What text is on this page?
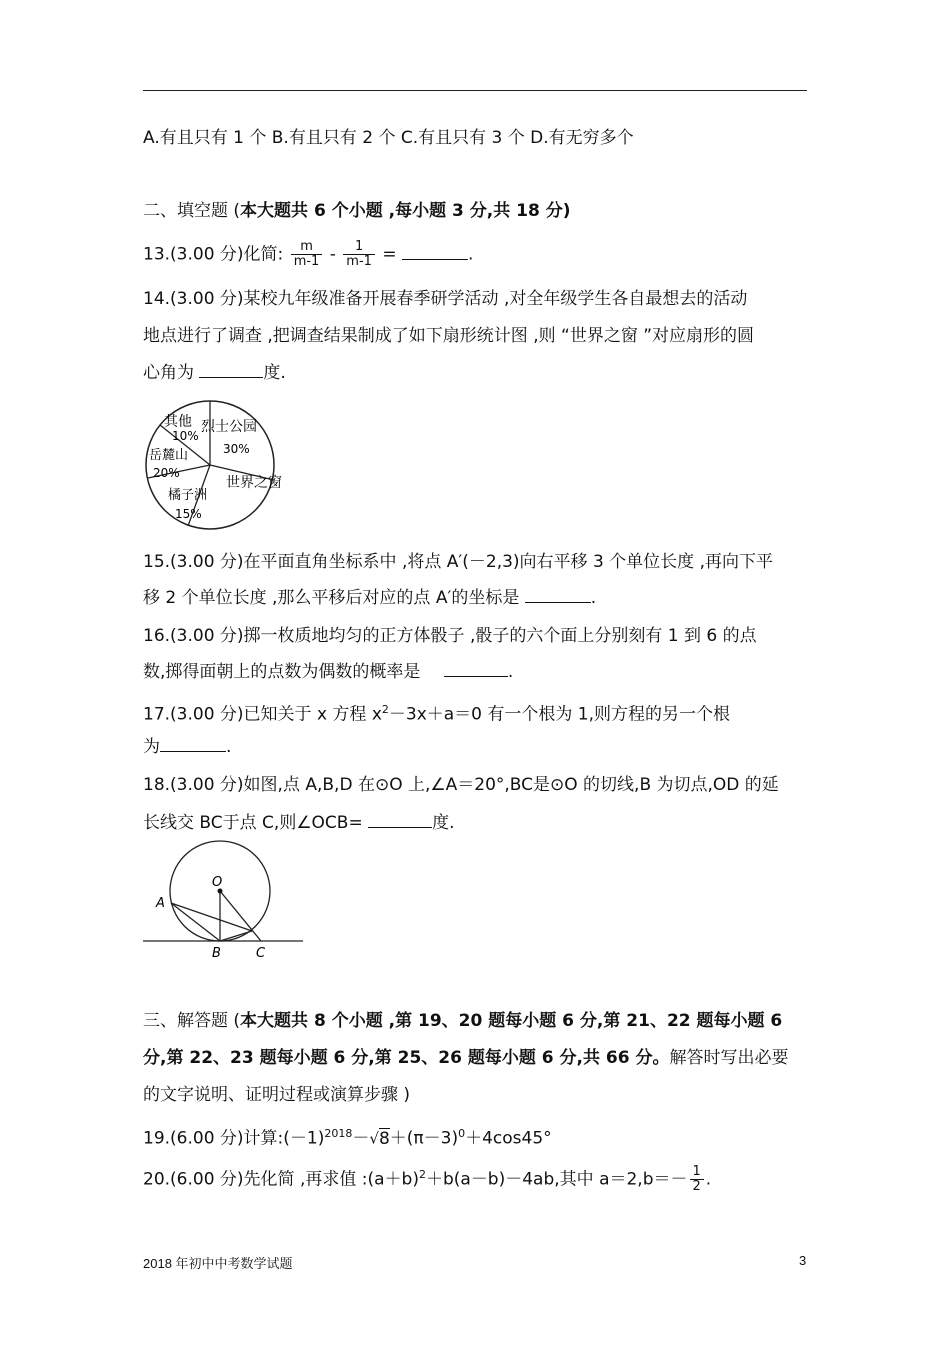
A.有且只有 1 个 B.有且只有 2 个 C.有且只有 3 个 D.有无穷多个
二、填空题 (本大题共 6 个小题 ,每小题 3 分,共 18 分)
13.(3.00 分)化简: $\frac{m}{m-1} - \frac{1}{m-1}$ =	.
14.(3.00 分)某校九年级准备开展春季研学活动 ,对全年级学生各自最想去的活动
地点进行了调查 ,把调查结果制成了如下扇形统计图 ,则 “世界之窗 ”对应扇形的圆
心角为	度.
其他
10%
烈士公园
30%
岳麓山
20%
世界之窗
橘子洲
15%
15.(3.00 分)在平面直角坐标系中 ,将点 A′(－2,3)向右平移 3 个单位长度 ,再向下平
移 2 个单位长度 ,那么平移后对应的点 A′的坐标是	.
16.(3.00 分)掷一枚质地均匀的正方体骰子 ,骰子的六个面上分别刻有 1 到 6 的点
数,掷得面朝上的点数为偶数的概率是	.
17.(3.00 分)已知关于 x 方程 $x^2-3x+a=0$ 有一个根为 1,则方程的另一个根
为	.
18.(3.00 分)如图,点 A,B,D 在⊙O 上,∠A＝20°,BC是⊙O 的切线,B 为切点,OD 的延
长线交 BC于点 C,则∠OCB=	度.
O
A
B	C
三、解答题 (本大题共 8 个小题 ,第 19、20 题每小题 6 分,第 21、22 题每小题 6
分,第 22、23 题每小题 6 分,第 25、26 题每小题 6 分,共 66 分。解答时写出必要
的文字说明、证明过程或演算步骤 )
19.(6.00 分)计算$:(-1)^{2018}-√8+(\pi-3)^0+4\cos 45^\circ$
20.(6.00 分)先化简 ,再求值 $:(a+b)^2+b(a-b)-4ab$,其中 $a=2,b=- \frac{1}{2}$ .
2018 年初中中考数学试题	3
